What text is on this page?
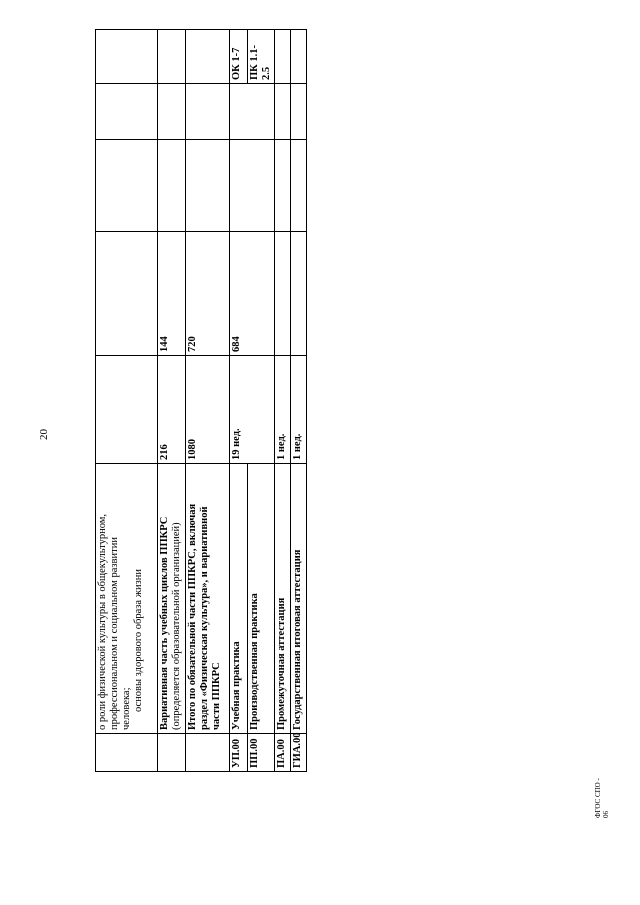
20
ФГОС СПО - 06

	о роли физической культуры в общекультурном, профессиональном и социальном развитии человека; основы здорового образа жизни					

	Вариативная часть учебных циклов ППКРС (определяется образовательной организацией)	216	144			

	Итого по обязательной части ППКРС, включая раздел «Физическая культура», и вариативной части ППКРС	1080	720			
УП.00	Учебная практика	19 нед.	684			ОК 1-7
ПП.00	Производственная практика					ПК 1.1-2.5
ПА.00	Промежуточная аттестация	1 нед.				
ГИА.00	Государственная итоговая аттестация	1 нед.				
